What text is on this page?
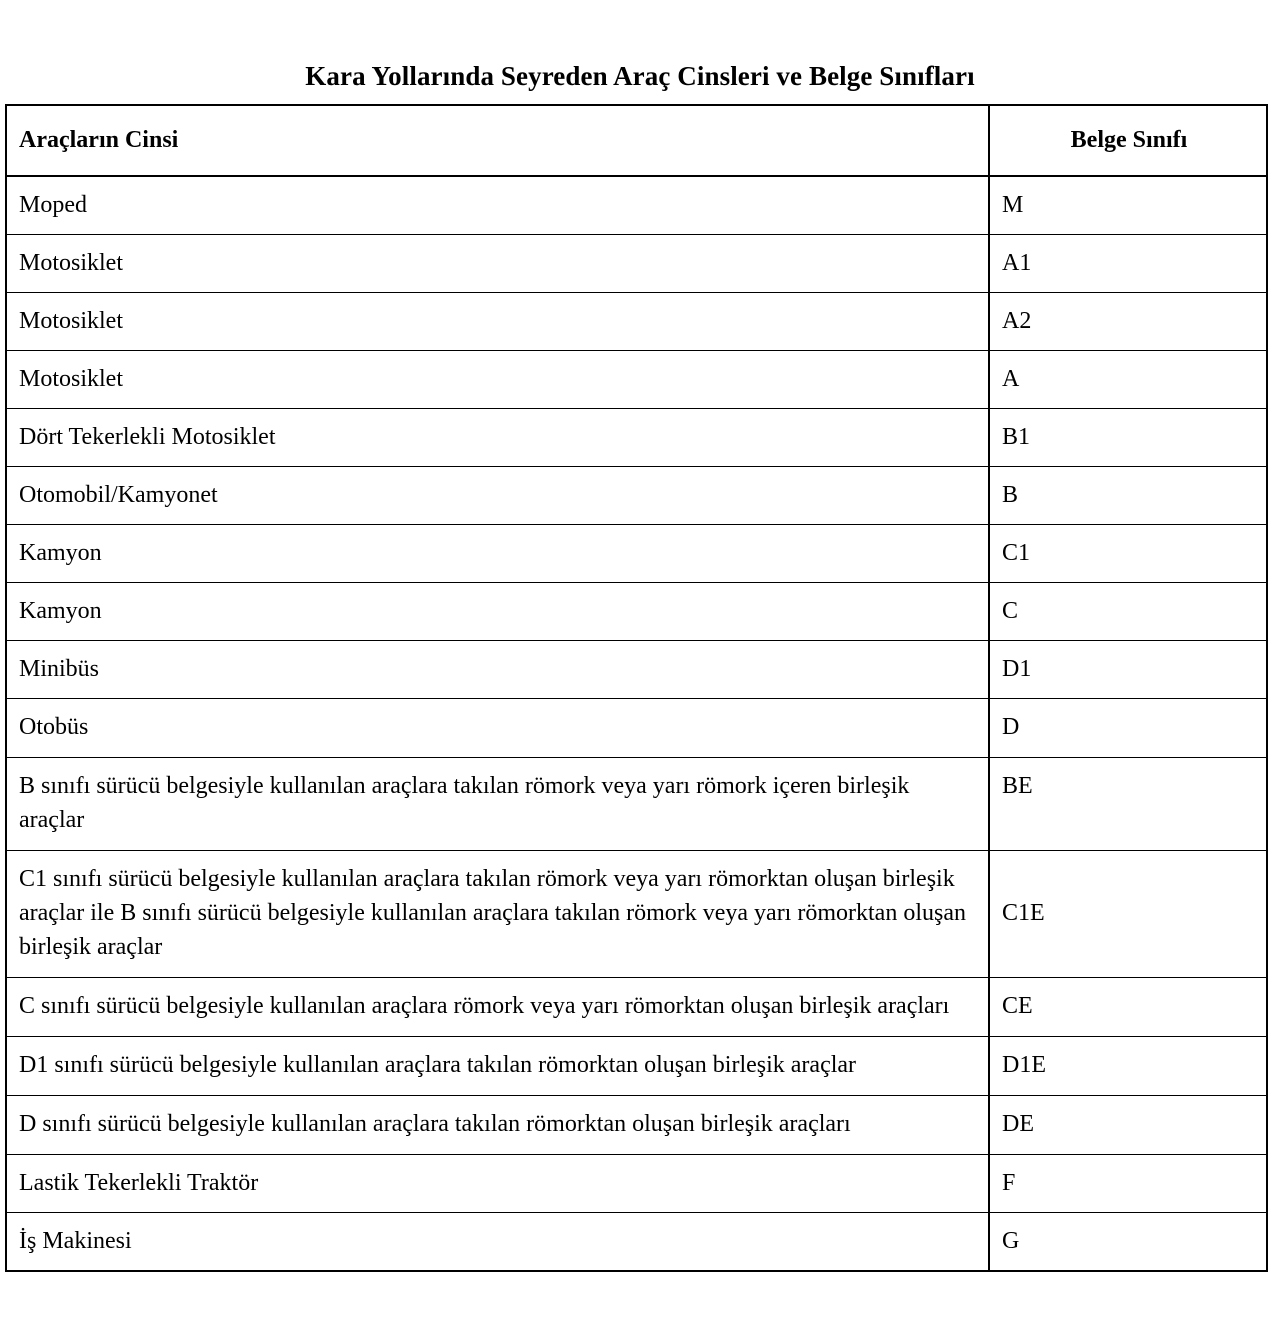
Kara Yollarında Seyreden Araç Cinsleri ve Belge Sınıfları
Araçların Cinsi	Belge Sınıfı
Moped	M
Motosiklet	A1
Motosiklet	A2
Motosiklet	A
Dört Tekerlekli Motosiklet	B1
Otomobil/Kamyonet	B
Kamyon	C1
Kamyon	C
Minibüs	D1
Otobüs	D
B sınıfı sürücü belgesiyle kullanılan araçlara takılan römork veya yarı römork içeren birleşik araçlar	BE
C1 sınıfı sürücü belgesiyle kullanılan araçlara takılan römork veya yarı römorktan oluşan birleşik araçlar ile B sınıfı sürücü belgesiyle kullanılan araçlara takılan römork veya yarı römorktan oluşan birleşik araçlar	C1E
C sınıfı sürücü belgesiyle kullanılan araçlara römork veya yarı römorktan oluşan birleşik araçları	CE
D1 sınıfı sürücü belgesiyle kullanılan araçlara takılan römorktan oluşan birleşik araçlar	D1E
D sınıfı sürücü belgesiyle kullanılan araçlara takılan römorktan oluşan birleşik araçları	DE
Lastik Tekerlekli Traktör	F
İş Makinesi	G
